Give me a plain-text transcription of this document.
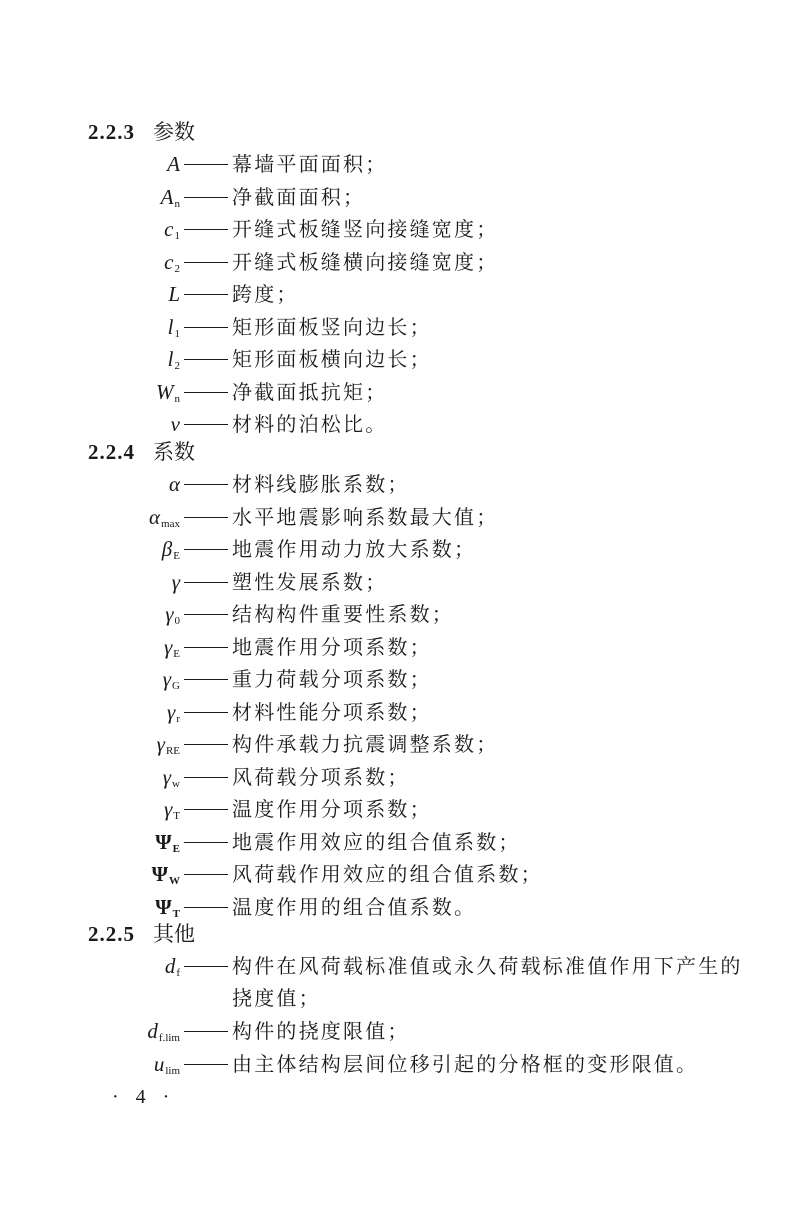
2.2.3 参数
A	幕墙平面面积；
$A_n$	净截面面积；
$c_1$	开缝式板缝竖向接缝宽度；
$c_2$	开缝式板缝横向接缝宽度；
L	跨度；
$l_1$	矩形面板竖向边长；
$l_2$	矩形面板横向边长；
$W_n$	净截面抵抗矩；
ν	材料的泊松比。
2.2.4 系数
α	材料线膨胀系数；
$\alpha_{max}$	水平地震影响系数最大值；
$\beta_E$	地震作用动力放大系数；
γ	塑性发展系数；
$\gamma_0$	结构构件重要性系数；
$\gamma_E$	地震作用分项系数；
$\gamma_G$	重力荷载分项系数；
$\gamma_r$	材料性能分项系数；
$\gamma_{RE}$	构件承载力抗震调整系数；
$\gamma_w$	风荷载分项系数；
$\gamma_T$	温度作用分项系数；
$\Psi_E$	地震作用效应的组合值系数；
$\Psi_W$	风荷载作用效应的组合值系数；
$\Psi_T$	温度作用的组合值系数。
2.2.5 其他
$d_f$	构件在风荷载标准值或永久荷载标准值作用下产生的
挠度值；
$d_{f.lim}$	构件的挠度限值；
$u_{lim}$	由主体结构层间位移引起的分格框的变形限值。
· 4 ·
